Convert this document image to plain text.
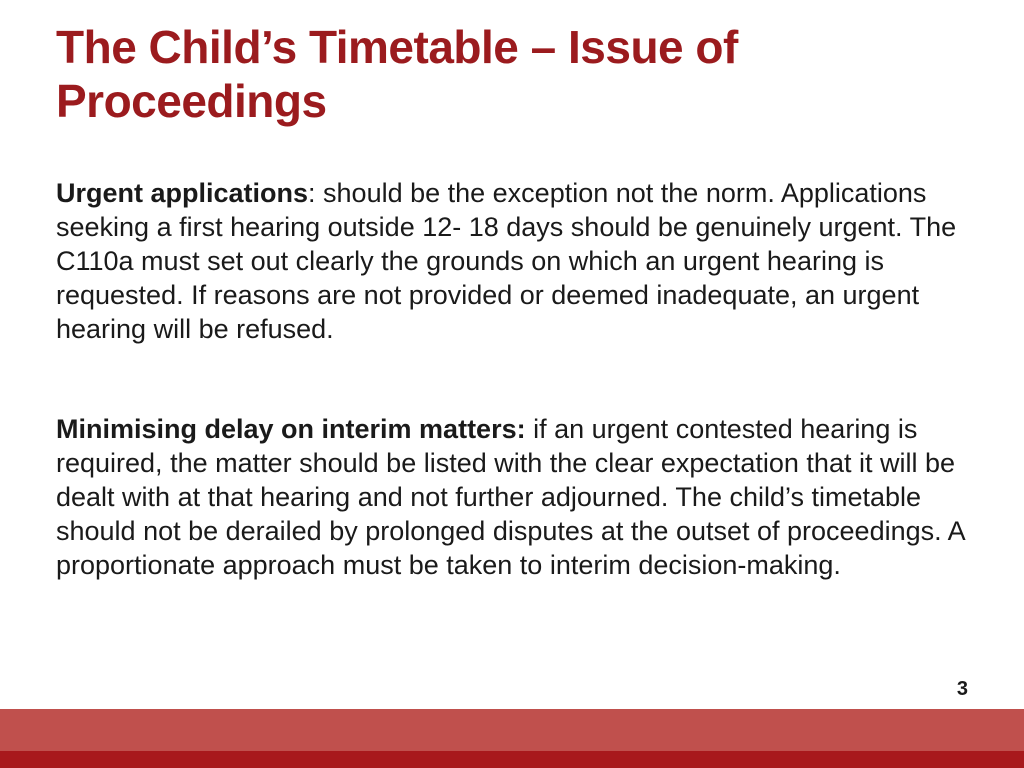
The Child’s Timetable – Issue of Proceedings

Urgent applications: should be the exception not the norm. Applications seeking a first hearing outside 12- 18 days should be genuinely urgent. The C110a must set out clearly the grounds on which an urgent hearing is requested. If reasons are not provided or deemed inadequate, an urgent hearing will be refused.

Minimising delay on interim matters: if an urgent contested hearing is required, the matter should be listed with the clear expectation that it will be dealt with at that hearing and not further adjourned. The child’s timetable should not be derailed by prolonged disputes at the outset of proceedings. A proportionate approach must be taken to interim decision-making.

3
